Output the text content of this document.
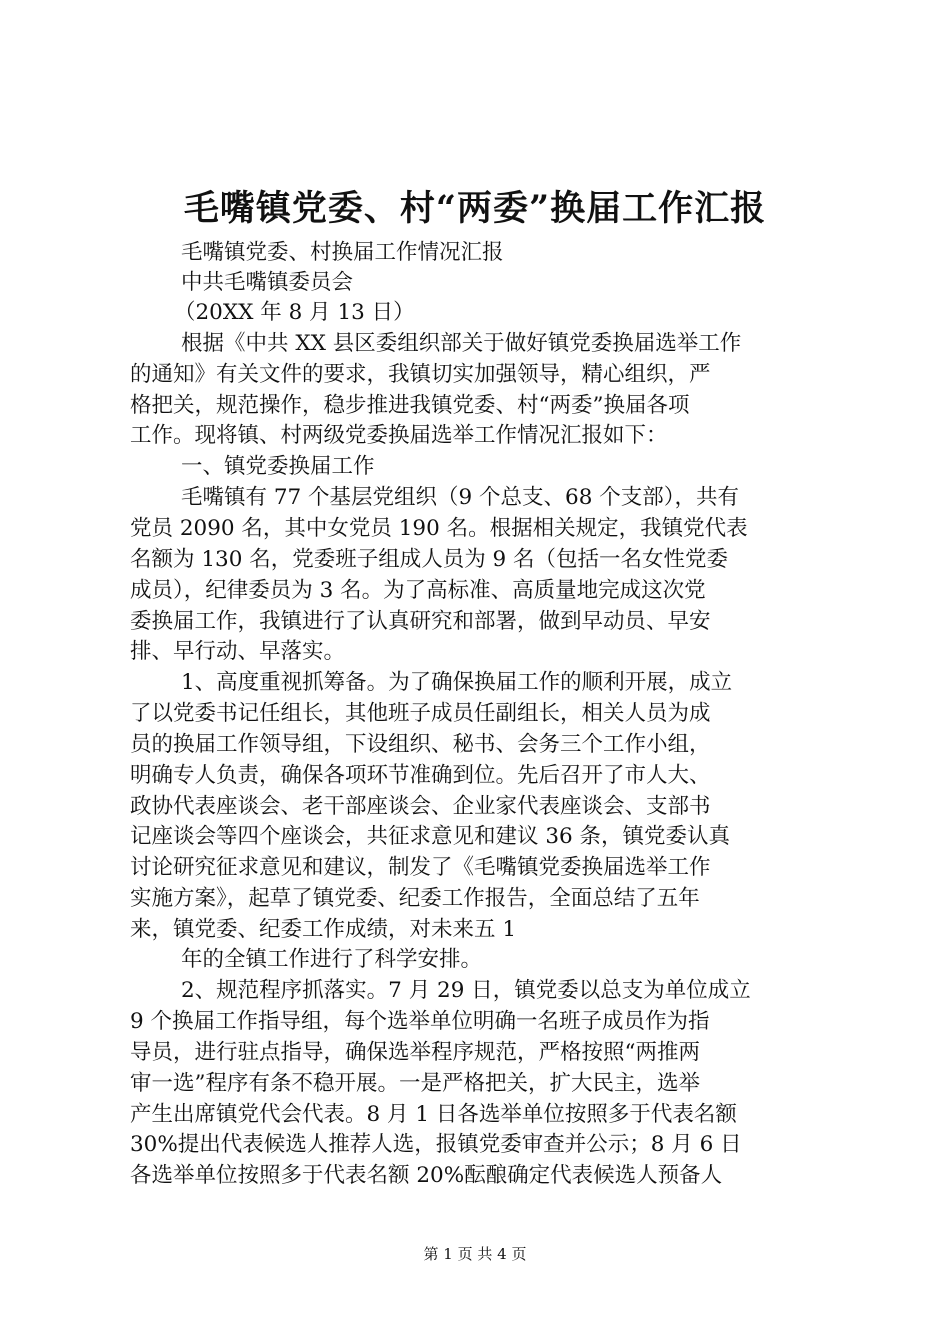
毛嘴镇党委、村“两委”换届工作汇报

毛嘴镇党委、村换届工作情况汇报

中共毛嘴镇委员会

（20XX 年 8 月 13 日）

根据《中共 XX 县区委组织部关于做好镇党委换届选举工作

的通知》有关文件的要求，我镇切实加强领导，精心组织，严

格把关，规范操作，稳步推进我镇党委、村“两委”换届各项

工作。现将镇、村两级党委换届选举工作情况汇报如下：

一、镇党委换届工作

毛嘴镇有 77 个基层党组织（9 个总支、68 个支部），共有

党员 2090 名，其中女党员 190 名。根据相关规定，我镇党代表

名额为 130 名，党委班子组成人员为 9 名（包括一名女性党委

成员），纪律委员为 3 名。为了高标准、高质量地完成这次党

委换届工作，我镇进行了认真研究和部署，做到早动员、早安

排、早行动、早落实。

1、高度重视抓筹备。为了确保换届工作的顺利开展，成立

了以党委书记任组长，其他班子成员任副组长，相关人员为成

员的换届工作领导组，下设组织、秘书、会务三个工作小组，

明确专人负责，确保各项环节准确到位。先后召开了市人大、

政协代表座谈会、老干部座谈会、企业家代表座谈会、支部书

记座谈会等四个座谈会，共征求意见和建议 36 条，镇党委认真

讨论研究征求意见和建议，制发了《毛嘴镇党委换届选举工作

实施方案》，起草了镇党委、纪委工作报告，全面总结了五年

来，镇党委、纪委工作成绩，对未来五 1

年的全镇工作进行了科学安排。

2、规范程序抓落实。7 月 29 日，镇党委以总支为单位成立

9 个换届工作指导组，每个选举单位明确一名班子成员作为指

导员，进行驻点指导，确保选举程序规范，严格按照“两推两

审一选”程序有条不稳开展。一是严格把关，扩大民主，选举

产生出席镇党代会代表。8 月 1 日各选举单位按照多于代表名额

30%提出代表候选人推荐人选，报镇党委审查并公示；8 月 6 日

各选举单位按照多于代表名额 20%酝酿确定代表候选人预备人

第 1 页 共 4 页
